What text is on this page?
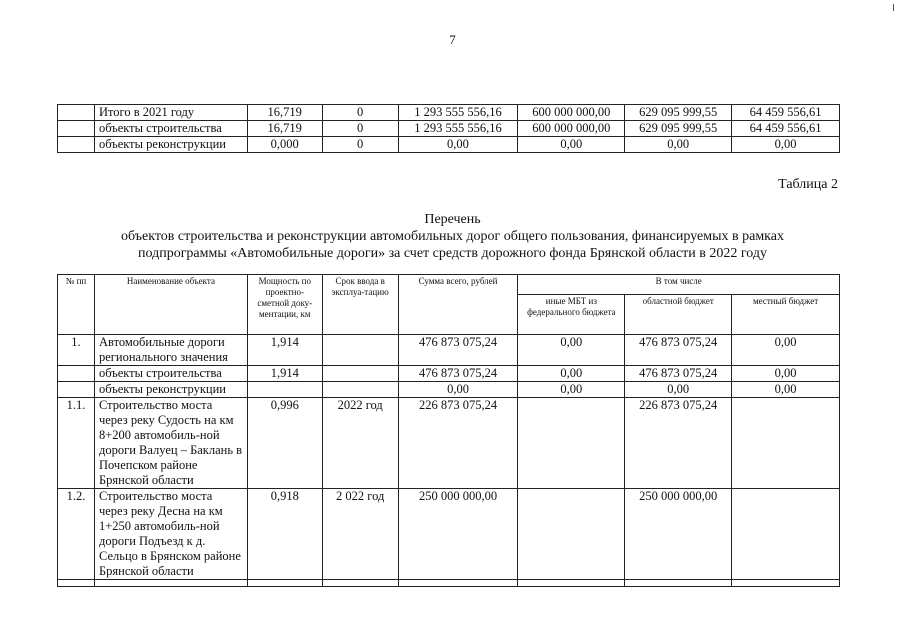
7
	Итого в 2021 году	16,719	0	1 293 555 556,16	600 000 000,00	629 095 999,55	64 459 556,61
	объекты строительства	16,719	0	1 293 555 556,16	600 000 000,00	629 095 999,55	64 459 556,61
	объекты реконструкции	0,000	0	0,00	0,00	0,00	0,00
Таблица 2
Перечень
объектов строительства и реконструкции автомобильных дорог общего пользования, финансируемых в рамках
подпрограммы «Автомобильные дороги» за счет средств дорожного фонда Брянской области в 2022 году
№ пп	Наименование объекта	Мощность по проектно-сметной доку-ментации, км	Срок ввода в эксплуа-тацию	Сумма всего, рублей	В том числе		
					иные МБТ из федерального бюджета	областной бюджет	местный бюджет
1.	Автомобильные дороги регионального значения	1,914		476 873 075,24	0,00	476 873 075,24	0,00
	объекты строительства	1,914		476 873 075,24	0,00	476 873 075,24	0,00
	объекты реконструкции			0,00	0,00	0,00	0,00
1.1.	Строительство моста через реку Судость на км 8+200 автомобиль-ной дороги Валуец – Баклань в Почепском районе Брянской области	0,996	2022 год	226 873 075,24		226 873 075,24	
1.2.	Строительство моста через реку Десна на км 1+250 автомобиль-ной дороги Подъезд к д. Сельцо в Брянском районе Брянской области	0,918	2 022 год	250 000 000,00		250 000 000,00	
